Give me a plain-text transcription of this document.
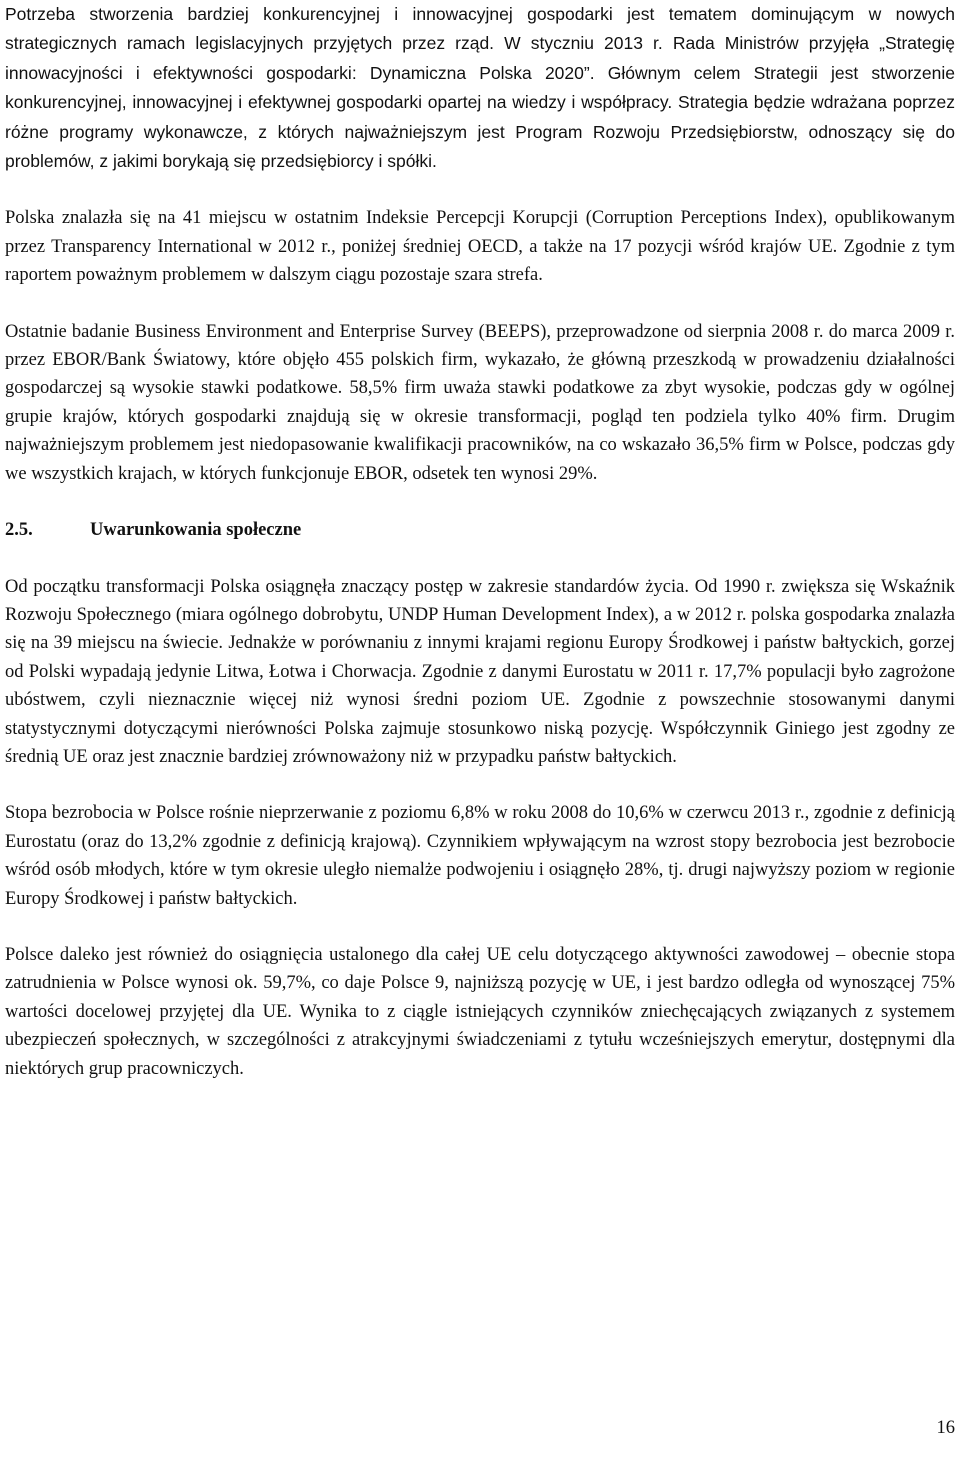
Potrzeba stworzenia bardziej konkurencyjnej i innowacyjnej gospodarki jest tematem dominującym w nowych strategicznych ramach legislacyjnych przyjętych przez rząd. W styczniu 2013 r. Rada Ministrów przyjęła „Strategię innowacyjności i efektywności gospodarki: Dynamiczna Polska 2020”. Głównym celem Strategii jest stworzenie konkurencyjnej, innowacyjnej i efektywnej gospodarki opartej na wiedzy i współpracy. Strategia będzie wdrażana poprzez różne programy wykonawcze, z których najważniejszym jest Program Rozwoju Przedsiębiorstw, odnoszący się do problemów, z jakimi borykają się przedsiębiorcy i spółki.

Polska znalazła się na 41 miejscu w ostatnim Indeksie Percepcji Korupcji (Corruption Perceptions Index), opublikowanym przez Transparency International w 2012 r., poniżej średniej OECD, a także na 17 pozycji wśród krajów UE. Zgodnie z tym raportem poważnym problemem w dalszym ciągu pozostaje szara strefa.

Ostatnie badanie Business Environment and Enterprise Survey (BEEPS), przeprowadzone od sierpnia 2008 r. do marca 2009 r. przez EBOR/Bank Światowy, które objęło 455 polskich firm, wykazało, że główną przeszkodą w prowadzeniu działalności gospodarczej są wysokie stawki podatkowe. 58,5% firm uważa stawki podatkowe za zbyt wysokie, podczas gdy w ogólnej grupie krajów, których gospodarki znajdują się w okresie transformacji, pogląd ten podziela tylko 40% firm. Drugim najważniejszym problemem jest niedopasowanie kwalifikacji pracowników, na co wskazało 36,5% firm w Polsce, podczas gdy we wszystkich krajach, w których funkcjonuje EBOR, odsetek ten wynosi 29%.

2.5.	Uwarunkowania społeczne

Od początku transformacji Polska osiągnęła znaczący postęp w zakresie standardów życia. Od 1990 r. zwiększa się Wskaźnik Rozwoju Społecznego (miara ogólnego dobrobytu, UNDP Human Development Index), a w 2012 r. polska gospodarka znalazła się na 39 miejscu na świecie. Jednakże w porównaniu z innymi krajami regionu Europy Środkowej i państw bałtyckich, gorzej od Polski wypadają jedynie Litwa, Łotwa i Chorwacja. Zgodnie z danymi Eurostatu w 2011 r. 17,7% populacji było zagrożone ubóstwem, czyli nieznacznie więcej niż wynosi średni poziom UE. Zgodnie z powszechnie stosowanymi danymi statystycznymi dotyczącymi nierówności Polska zajmuje stosunkowo niską pozycję. Współczynnik Giniego jest zgodny ze średnią UE oraz jest znacznie bardziej zrównoważony niż w przypadku państw bałtyckich.

Stopa bezrobocia w Polsce rośnie nieprzerwanie z poziomu 6,8% w roku 2008 do 10,6% w czerwcu 2013 r., zgodnie z definicją Eurostatu (oraz do 13,2% zgodnie z definicją krajową). Czynnikiem wpływającym na wzrost stopy bezrobocia jest bezrobocie wśród osób młodych, które w tym okresie uległo niemalże podwojeniu i osiągnęło 28%, tj. drugi najwyższy poziom w regionie Europy Środkowej i państw bałtyckich.

Polsce daleko jest również do osiągnięcia ustalonego dla całej UE celu dotyczącego aktywności zawodowej – obecnie stopa zatrudnienia w Polsce wynosi ok. 59,7%, co daje Polsce 9, najniższą pozycję w UE, i jest bardzo odległa od wynoszącej 75% wartości docelowej przyjętej dla UE. Wynika to z ciągle istniejących czynników zniechęcających związanych z systemem ubezpieczeń społecznych, w szczególności z atrakcyjnymi świadczeniami z tytułu wcześniejszych emerytur, dostępnymi dla niektórych grup pracowniczych.

16
